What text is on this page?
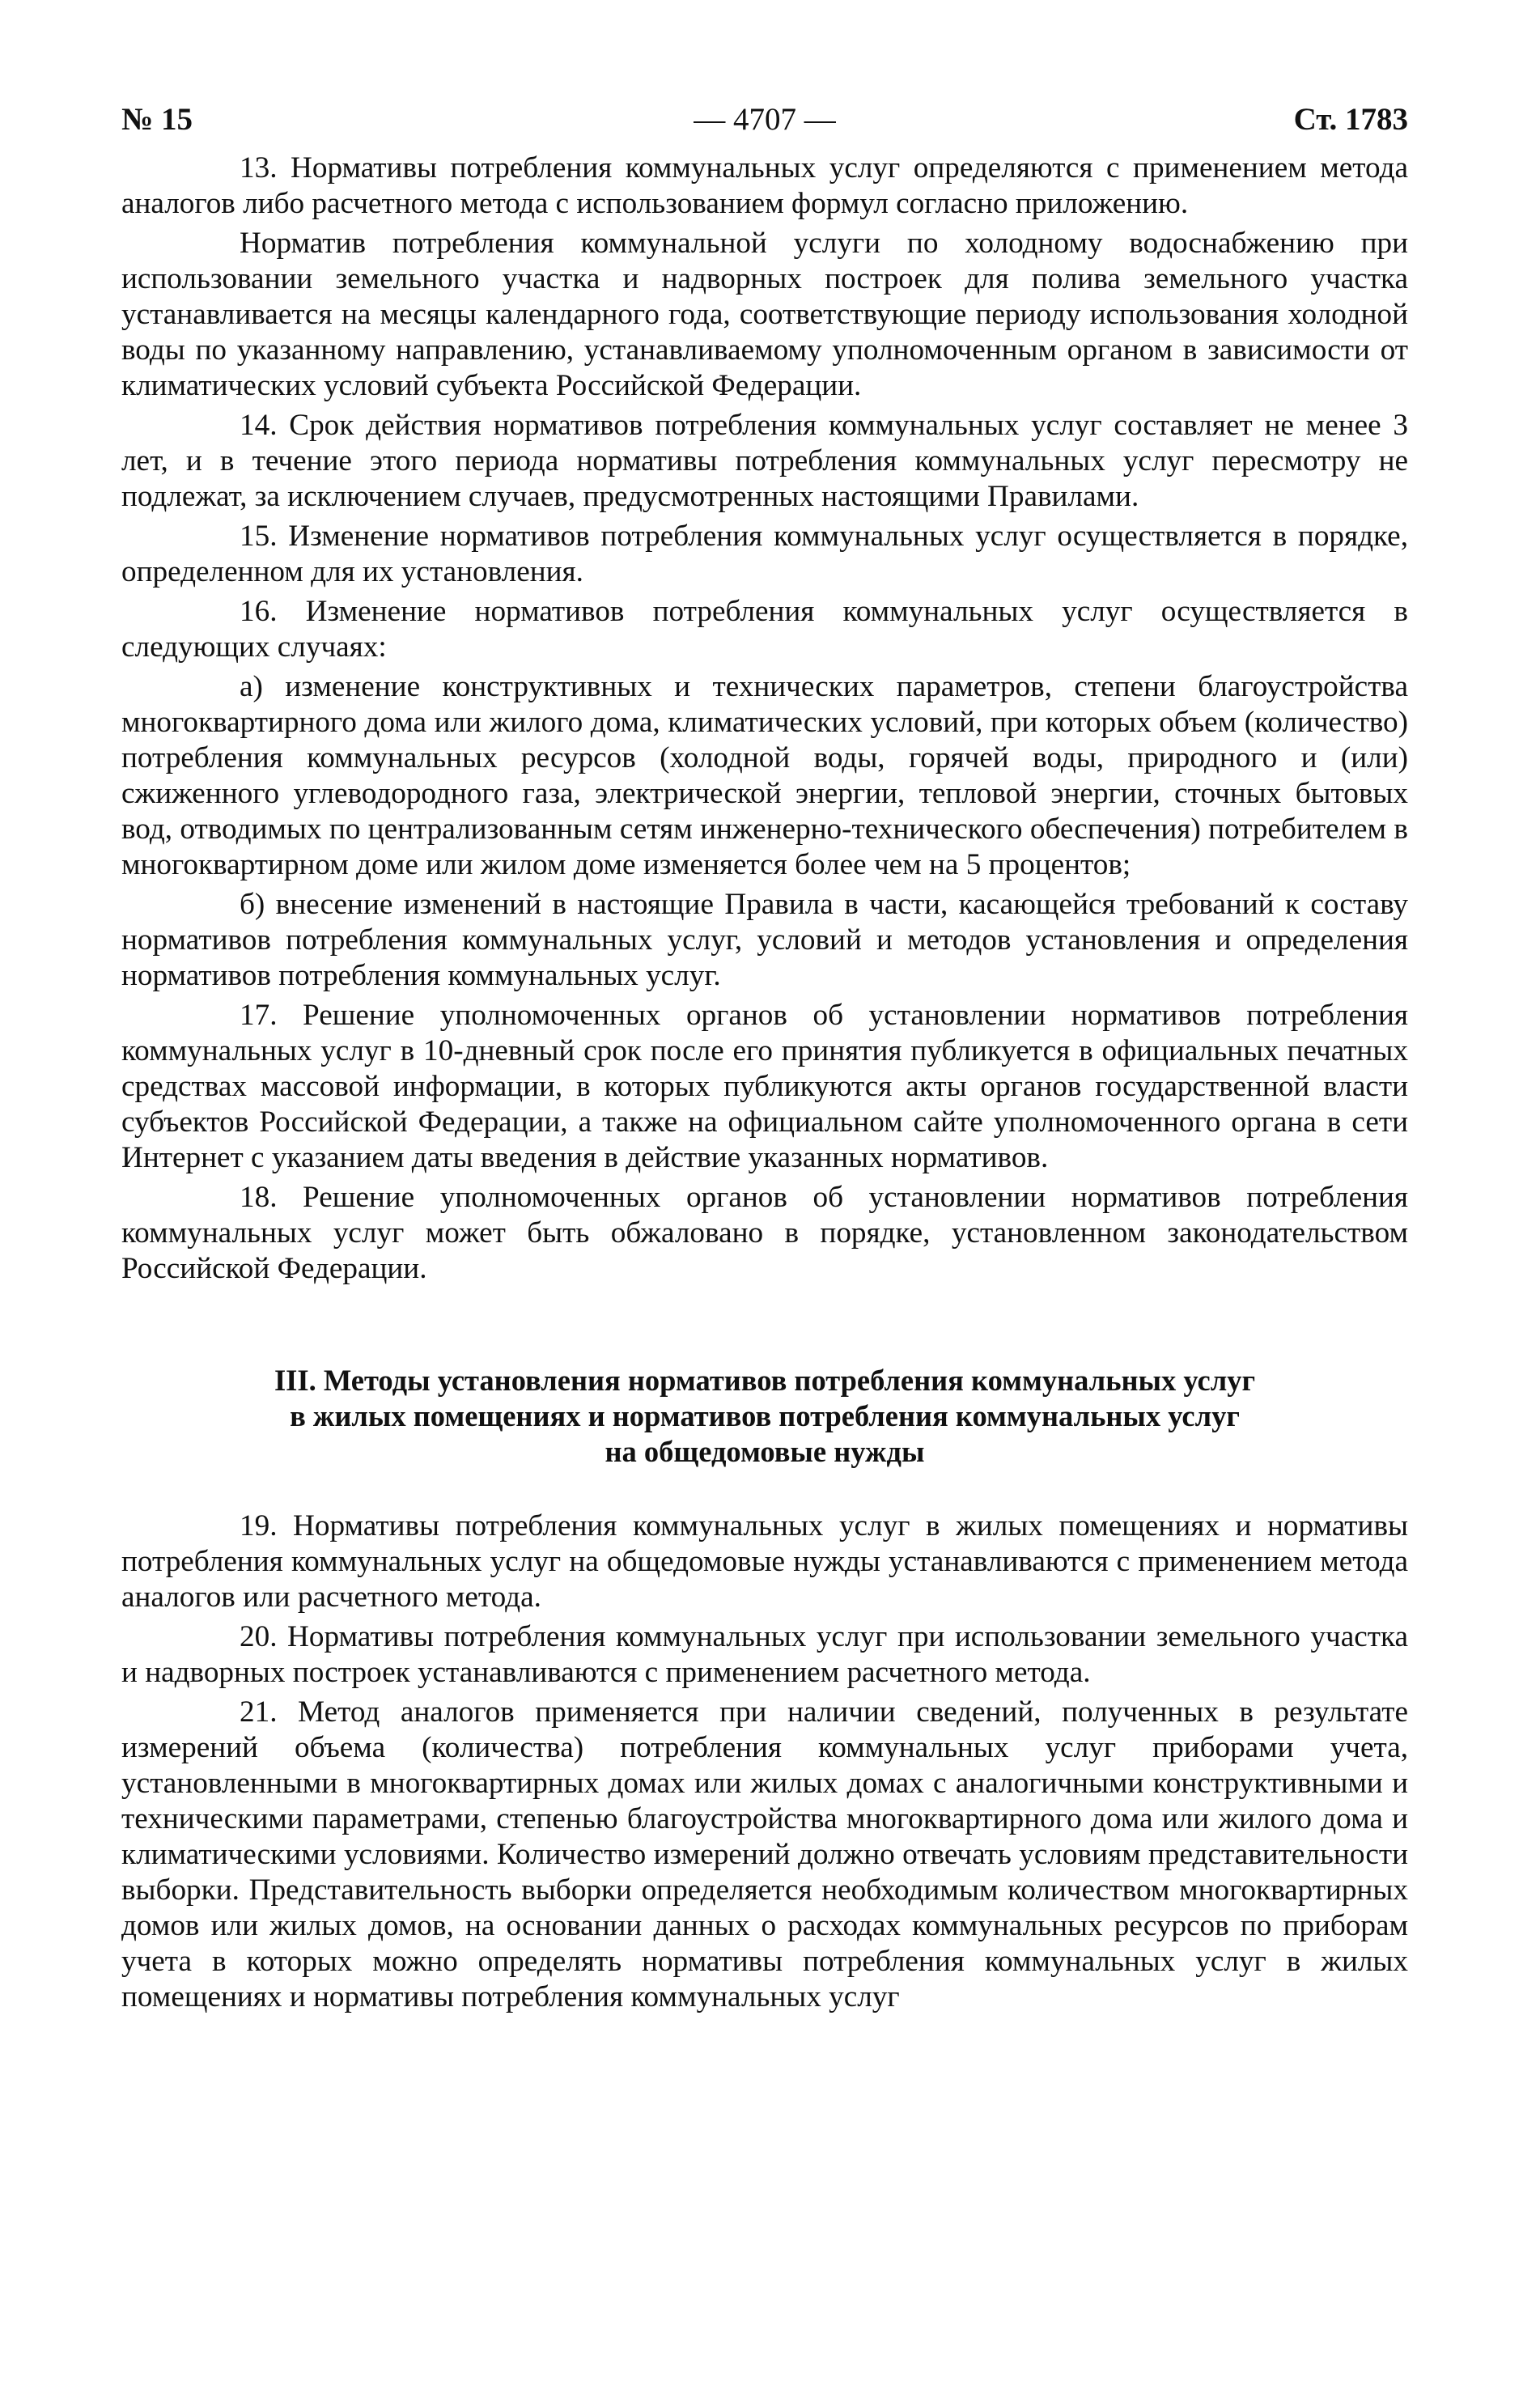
№ 15	— 4707 —	Ст. 1783

13. Нормативы потребления коммунальных услуг определяются с применением метода аналогов либо расчетного метода с использованием формул согласно приложению.

Норматив потребления коммунальной услуги по холодному водоснабжению при использовании земельного участка и надворных построек для полива земельного участка устанавливается на месяцы календарного года, соответствующие периоду использования холодной воды по указанному направлению, устанавливаемому уполномоченным органом в зависимости от климатических условий субъекта Российской Федерации.

14. Срок действия нормативов потребления коммунальных услуг составляет не менее 3 лет, и в течение этого периода нормативы потребления коммунальных услуг пересмотру не подлежат, за исключением случаев, предусмотренных настоящими Правилами.

15. Изменение нормативов потребления коммунальных услуг осуществляется в порядке, определенном для их установления.

16. Изменение нормативов потребления коммунальных услуг осуществляется в следующих случаях:

а) изменение конструктивных и технических параметров, степени благоустройства многоквартирного дома или жилого дома, климатических условий, при которых объем (количество) потребления коммунальных ресурсов (холодной воды, горячей воды, природного и (или) сжиженного углеводородного газа, электрической энергии, тепловой энергии, сточных бытовых вод, отводимых по централизованным сетям инженерно-технического обеспечения) потребителем в многоквартирном доме или жилом доме изменяется более чем на 5 процентов;

б) внесение изменений в настоящие Правила в части, касающейся требований к составу нормативов потребления коммунальных услуг, условий и методов установления и определения нормативов потребления коммунальных услуг.

17. Решение уполномоченных органов об установлении нормативов потребления коммунальных услуг в 10-дневный срок после его принятия публикуется в официальных печатных средствах массовой информации, в которых публикуются акты органов государственной власти субъектов Российской Федерации, а также на официальном сайте уполномоченного органа в сети Интернет с указанием даты введения в действие указанных нормативов.

18. Решение уполномоченных органов об установлении нормативов потребления коммунальных услуг может быть обжаловано в порядке, установленном законодательством Российской Федерации.

III. Методы установления нормативов потребления коммунальных услуг
в жилых помещениях и нормативов потребления коммунальных услуг
на общедомовые нужды

19. Нормативы потребления коммунальных услуг в жилых помещениях и нормативы потребления коммунальных услуг на общедомовые нужды устанавливаются с применением метода аналогов или расчетного метода.

20. Нормативы потребления коммунальных услуг при использовании земельного участка и надворных построек устанавливаются с применением расчетного метода.

21. Метод аналогов применяется при наличии сведений, полученных в результате измерений объема (количества) потребления коммунальных услуг приборами учета, установленными в многоквартирных домах или жилых домах с аналогичными конструктивными и техническими параметрами, степенью благоустройства многоквартирного дома или жилого дома и климатическими условиями. Количество измерений должно отвечать условиям представительности выборки. Представительность выборки определяется необходимым количеством многоквартирных домов или жилых домов, на основании данных о расходах коммунальных ресурсов по приборам учета в которых можно определять нормативы потребления коммунальных услуг в жилых помещениях и нормативы потребления коммунальных услуг
